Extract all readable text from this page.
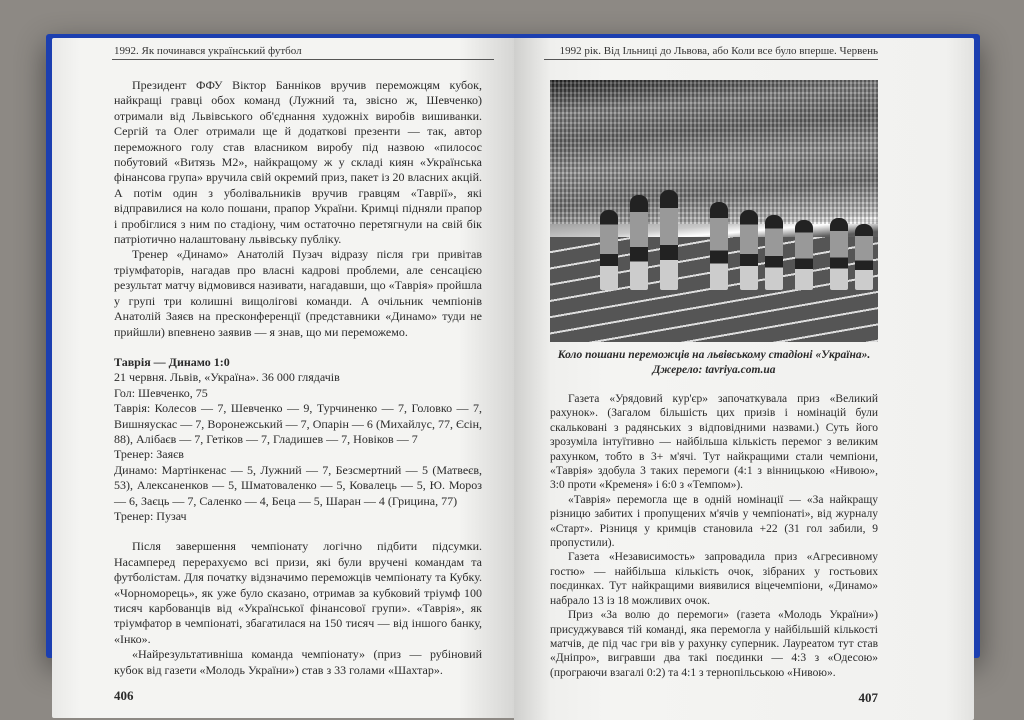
1992. Як починався український футбол

Президент ФФУ Віктор Банніков вручив переможцям кубок, найкращі гравці обох команд (Лужний та, звісно ж, Шевченко) отримали від Львівського об'єднання художніх виробів вишиванки. Сергій та Олег отримали ще й додаткові презенти — так, автор переможного голу став власником виробу під назвою «пилосос побутовий «Витязь М2», найкращому ж у складі киян «Українська фінансова група» вручила свій окремий приз, пакет із 20 власних акцій. А потім один з уболівальників вручив гравцям «Таврії», які відправилися на коло пошани, прапор України. Кримці підняли прапор і пробіглися з ним по стадіону, чим остаточно перетягнули на свій бік патріотично налаштовану львівську публіку.

Тренер «Динамо» Анатолій Пузач відразу після гри привітав тріумфаторів, нагадав про власні кадрові проблеми, але сенсацією результат матчу відмовився називати, нагадавши, що «Таврія» пройшла у групі три колишні вищолігові команди. А очільник чемпіонів Анатолій Заяєв на пресконференції (представники «Динамо» туди не прийшли) впевнено заявив — я знав, що ми переможемо.

Таврія — Динамо 1:0

21 червня. Львів, «Україна». 36 000 глядачів

Гол: Шевченко, 75

Таврія: Колесов — 7, Шевченко — 9, Турчиненко — 7, Головко — 7, Вишняускас — 7, Воронежський — 7, Опарін — 6 (Михайлус, 77, Єсін, 88), Алібаєв — 7, Гетіков — 7, Гладишев — 7, Новіков — 7

Тренер: Заяєв

Динамо: Мартінкенас — 5, Лужний — 7, Безсмертний — 5 (Матвеєв, 53), Алексаненков — 5, Шматоваленко — 5, Ковалець — 5, Ю. Мороз — 6, Заєць — 7, Саленко — 4, Беца — 5, Шаран — 4 (Грицина, 77)

Тренер: Пузач

Після завершення чемпіонату логічно підбити підсумки. Насамперед перерахуємо всі призи, які були вручені командам та футболістам. Для початку відзначимо переможців чемпіонату та Кубку. «Чорноморець», як уже було сказано, отримав за кубковий тріумф 100 тисяч карбованців від «Української фінансової групи». «Таврія», як тріумфатор в чемпіонаті, збагатилася на 150 тисяч — від іншого банку, «Інко».

«Найрезультативніша команда чемпіонату» (приз — рубіновий кубок від газети «Молодь України») став з 33 голами «Шахтар».

406
1992 рік. Від Ільниці до Львова, або Коли все було вперше. Червень
Коло пошани переможців на львівському стадіоні «Україна».
Джерело: tavriya.com.ua

Газета «Урядовий кур'єр» започаткувала приз «Великий рахунок». (Загалом більшість цих призів і номінацій були скальковані з радянських з відповідними назвами.) Суть його зрозуміла інтуїтивно — найбільша кількість перемог з великим рахунком, тобто в 3+ м'ячі. Тут найкращими стали чемпіони, «Таврія» здобула 3 таких перемоги (4:1 з вінницькою «Нивою», 3:0 проти «Кременя» і 6:0 з «Темпом»).

«Таврія» перемогла ще в одній номінації — «За найкращу різницю забитих і пропущених м'ячів у чемпіонаті», від журналу «Старт». Різниця у кримців становила +22 (31 гол забили, 9 пропустили).

Газета «Независимость» запровадила приз «Агресивному гостю» — найбільша кількість очок, зібраних у гостьових поєдинках. Тут найкращими виявилися віцечемпіони, «Динамо» набрало 13 із 18 можливих очок.

Приз «За волю до перемоги» (газета «Молодь України») присуджувався тій команді, яка перемогла у найбільшій кількості матчів, де під час гри вів у рахунку суперник. Лауреатом тут став «Дніпро», вигравши два такі поєдинки — 4:3 з «Одесою» (програючи взагалі 0:2) та 4:1 з тернопільською «Нивою».

407
